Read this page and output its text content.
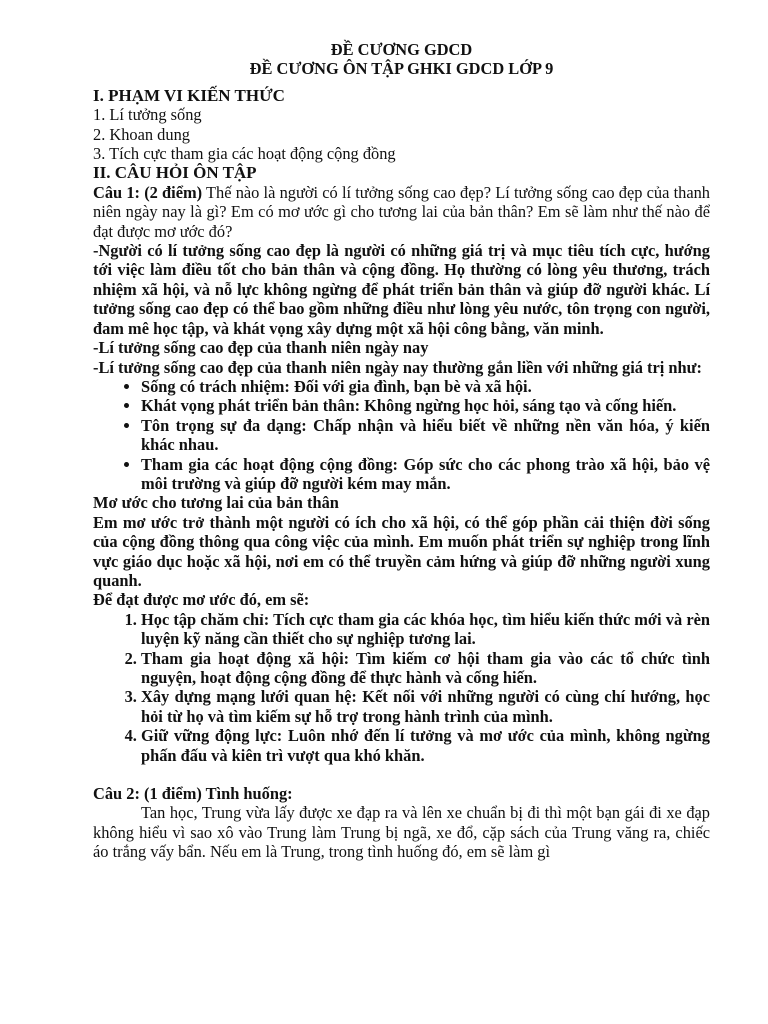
ĐỀ CƯƠNG GDCD
ĐỀ CƯƠNG ÔN TẬP GHKI GDCD LỚP 9
I. PHẠM VI KIẾN THỨC

1. Lí tưởng sống

2. Khoan dung

3. Tích cực tham gia các hoạt động cộng đồng

II. CÂU HỎI ÔN TẬP

Câu 1: (2 điểm) Thế nào là người có lí tưởng sống cao đẹp? Lí tưởng sống cao đẹp của thanh niên ngày nay là gì? Em có mơ ước gì cho tương lai của bản thân? Em sẽ làm như thế nào để đạt được mơ ước đó?

-Người có lí tưởng sống cao đẹp là người có những giá trị và mục tiêu tích cực, hướng tới việc làm điều tốt cho bản thân và cộng đồng. Họ thường có lòng yêu thương, trách nhiệm xã hội, và nỗ lực không ngừng để phát triển bản thân và giúp đỡ người khác. Lí tưởng sống cao đẹp có thể bao gồm những điều như lòng yêu nước, tôn trọng con người, đam mê học tập, và khát vọng xây dựng một xã hội công bằng, văn minh.

-Lí tưởng sống cao đẹp của thanh niên ngày nay

-Lí tưởng sống cao đẹp của thanh niên ngày nay thường gắn liền với những giá trị như:

• Sống có trách nhiệm: Đối với gia đình, bạn bè và xã hội.
• Khát vọng phát triển bản thân: Không ngừng học hỏi, sáng tạo và cống hiến.
• Tôn trọng sự đa dạng: Chấp nhận và hiểu biết về những nền văn hóa, ý kiến khác nhau.
• Tham gia các hoạt động cộng đồng: Góp sức cho các phong trào xã hội, bảo vệ môi trường và giúp đỡ người kém may mắn.

Mơ ước cho tương lai của bản thân

Em mơ ước trở thành một người có ích cho xã hội, có thể góp phần cải thiện đời sống của cộng đồng thông qua công việc của mình. Em muốn phát triển sự nghiệp trong lĩnh vực giáo dục hoặc xã hội, nơi em có thể truyền cảm hứng và giúp đỡ những người xung quanh.

Để đạt được mơ ước đó, em sẽ:

1. Học tập chăm chỉ: Tích cực tham gia các khóa học, tìm hiểu kiến thức mới và rèn luyện kỹ năng cần thiết cho sự nghiệp tương lai.
2. Tham gia hoạt động xã hội: Tìm kiếm cơ hội tham gia vào các tổ chức tình nguyện, hoạt động cộng đồng để thực hành và cống hiến.
3. Xây dựng mạng lưới quan hệ: Kết nối với những người có cùng chí hướng, học hỏi từ họ và tìm kiếm sự hỗ trợ trong hành trình của mình.
4. Giữ vững động lực: Luôn nhớ đến lí tưởng và mơ ước của mình, không ngừng phấn đấu và kiên trì vượt qua khó khăn.

Câu 2: (1 điểm) Tình huống:

Tan học, Trung vừa lấy được xe đạp ra và lên xe chuẩn bị đi thì một bạn gái đi xe đạp không hiểu vì sao xô vào Trung làm Trung bị ngã, xe đổ, cặp sách của Trung văng ra, chiếc áo trắng vấy bẩn. Nếu em là Trung, trong tình huống đó, em sẽ làm gì
